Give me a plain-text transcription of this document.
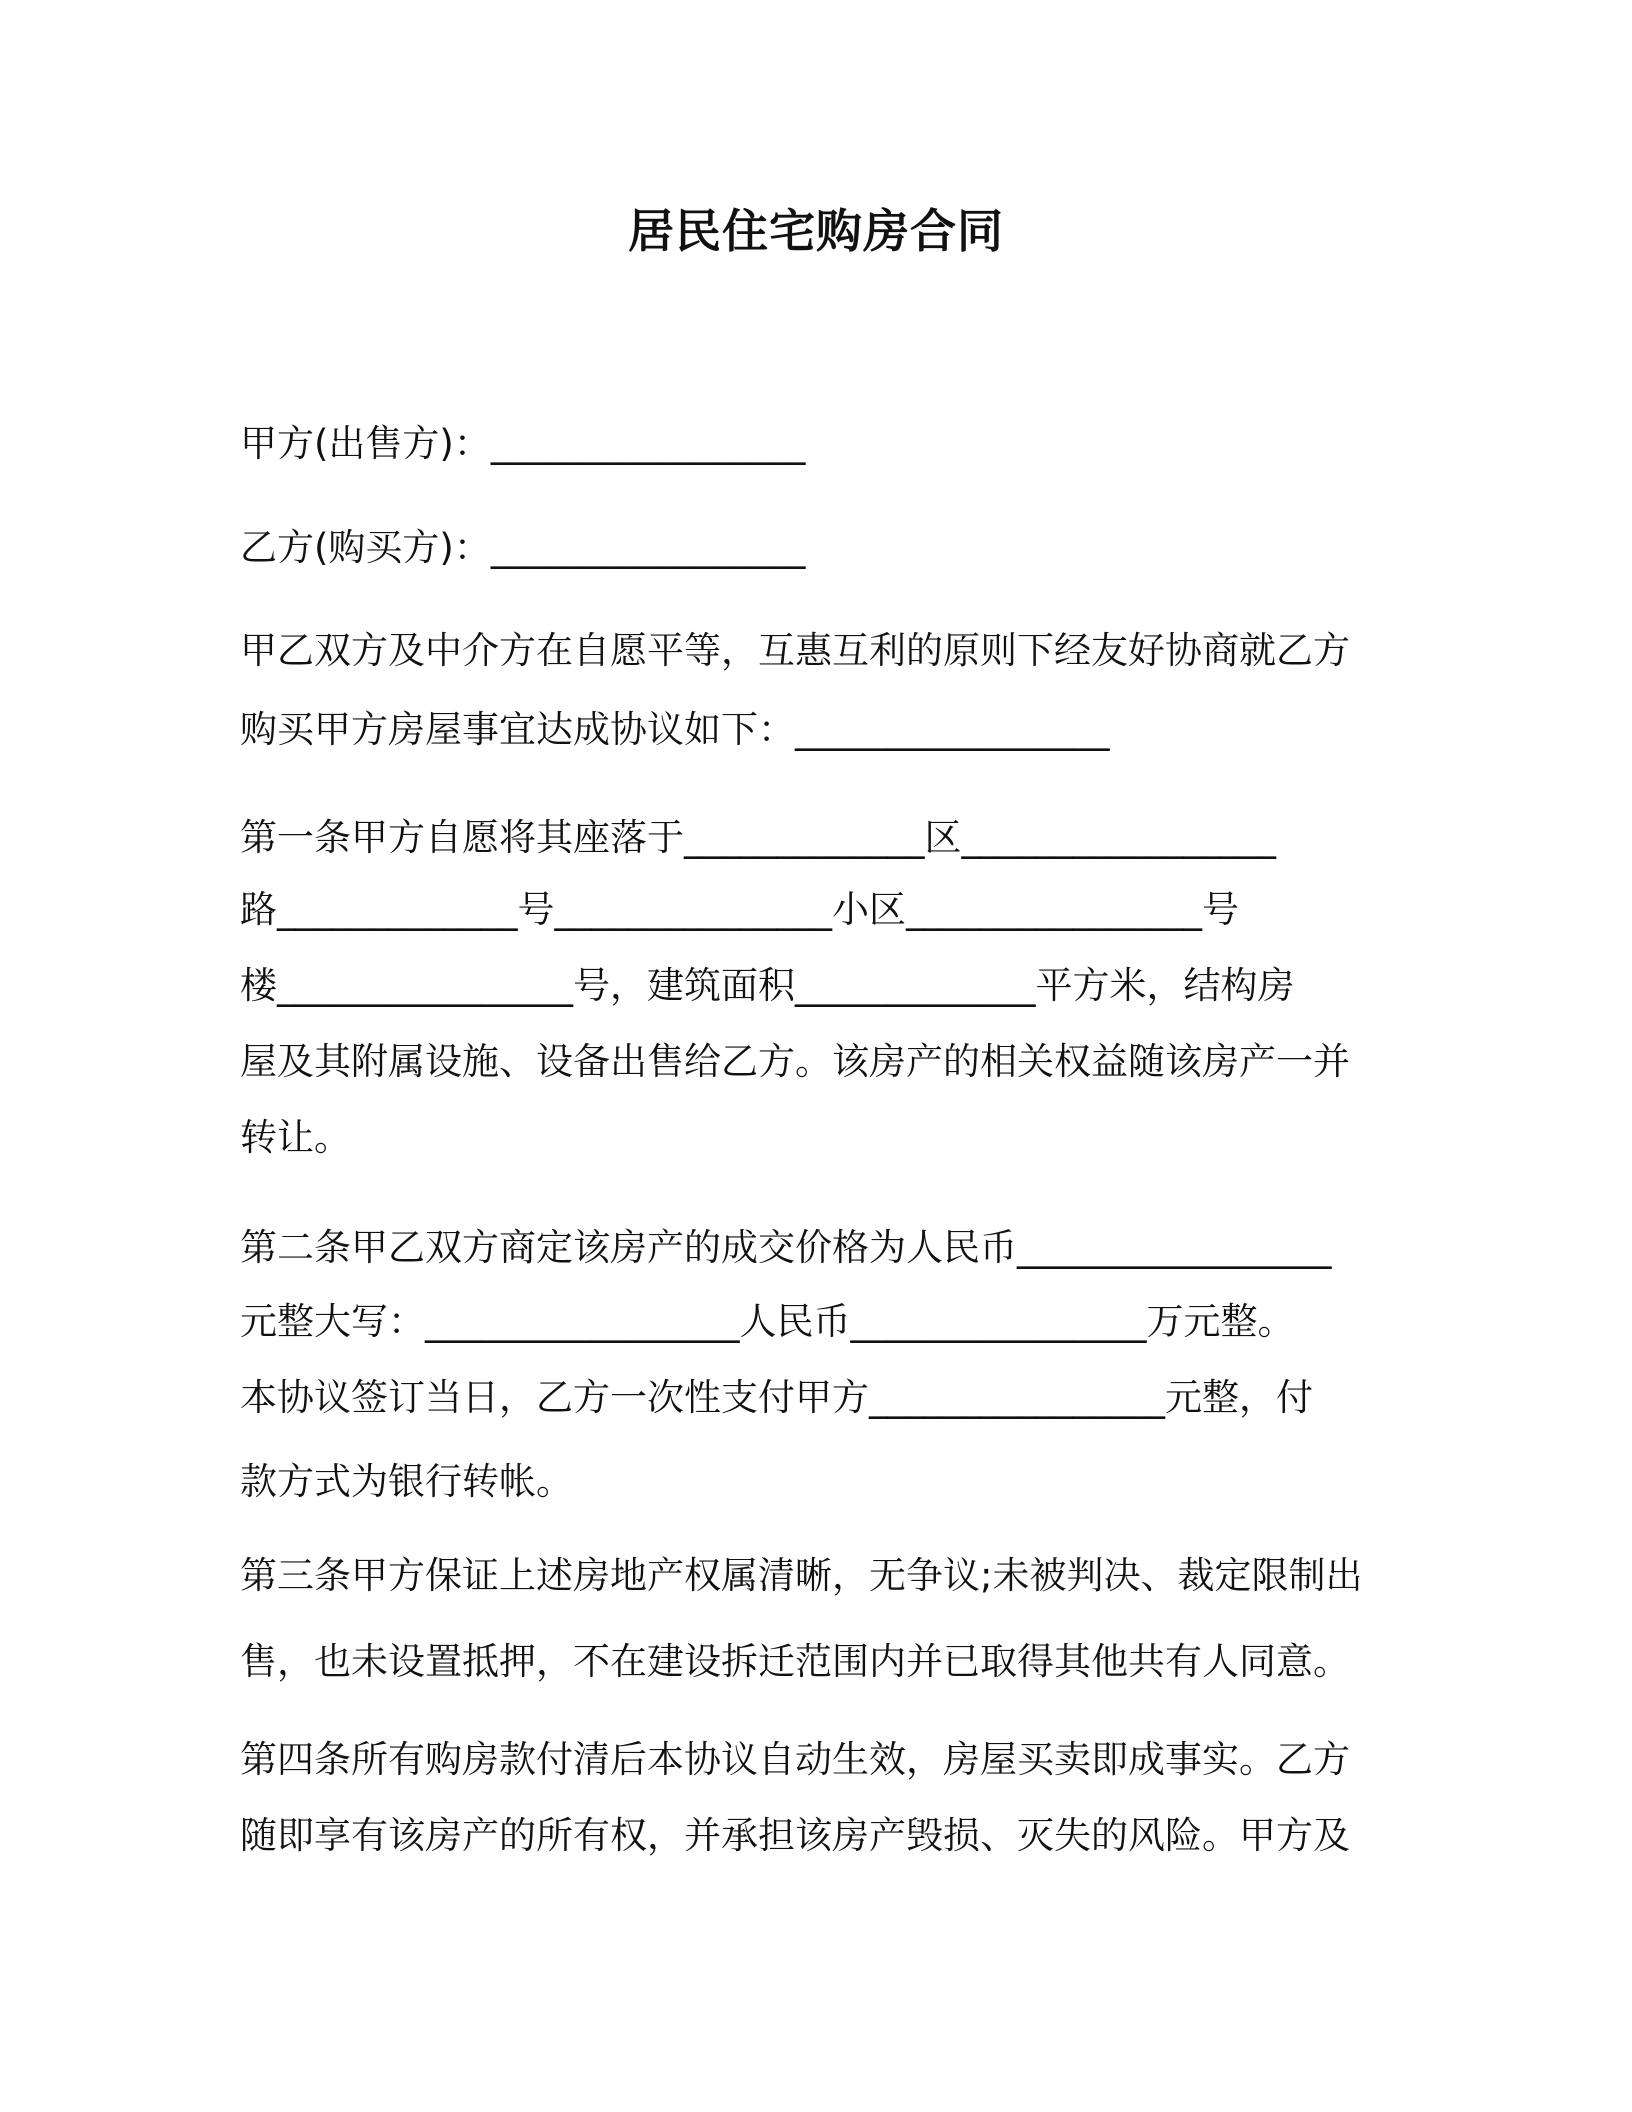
居民住宅购房合同

甲方(出售方)：_________________

乙方(购买方)：_________________

甲乙双方及中介方在自愿平等，互惠互利的原则下经友好协商就乙方

购买甲方房屋事宜达成协议如下：_________________

第一条甲方自愿将其座落于_____________区_________________

路_____________号_______________小区________________号

楼________________号，建筑面积_____________平方米，结构房

屋及其附属设施、设备出售给乙方。该房产的相关权益随该房产一并

转让。

第二条甲乙双方商定该房产的成交价格为人民币_________________

元整大写：_________________人民币________________万元整。

本协议签订当日，乙方一次性支付甲方________________元整，付

款方式为银行转帐。

第三条甲方保证上述房地产权属清晰，无争议;未被判决、裁定限制出

售，也未设置抵押，不在建设拆迁范围内并已取得其他共有人同意。

第四条所有购房款付清后本协议自动生效，房屋买卖即成事实。乙方

随即享有该房产的所有权，并承担该房产毁损、灭失的风险。甲方及
